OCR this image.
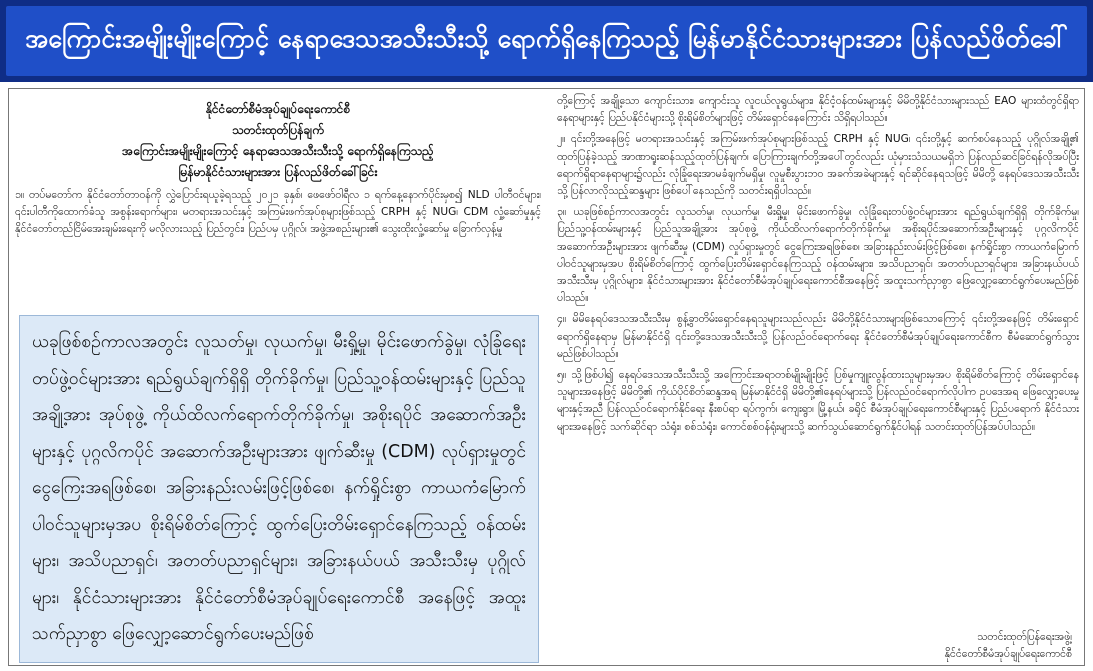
အကြောင်းအမျိုးမျိုးကြောင့် နေရာဒေသအသီးသီးသို့ ရောက်ရှိနေကြသည့် မြန်မာနိုင်ငံသားများအား ပြန်လည်ဖိတ်ခေါ်
နိုင်ငံတော်စီမံအုပ်ချုပ်ရေးကောင်စီ
သတင်းထုတ်ပြန်ချက်
အကြောင်းအမျိုးမျိုးကြောင့် နေရာဒေသအသီးသီးသို့ ရောက်ရှိနေကြသည့်
မြန်မာနိုင်ငံသားများအား ပြန်လည်ဖိတ်ခေါ်ခြင်း

၁။ တပ်မတော်က နိုင်ငံတော်တာဝန်ကို လွှဲပြောင်းရယူခဲ့ရသည့် ၂၀၂၁ ခုနှစ်၊ ဖေဖော်ဝါရီလ ၁ ရက်နေ့နောက်ပိုင်းမှစ၍ NLD ပါတီဝင်များ၊ ၎င်းပါတီကိုထောက်ခံသူ အစွန်းရောက်များ၊ မတရားအသင်းနှင့် အကြမ်းဖက်အုပ်စုများဖြစ်သည့် CRPH နှင့် NUG၊ CDM လှုံ့ဆော်မှုနှင့် နိုင်ငံတော်တည်ငြိမ်အေးချမ်းရေးကို မလိုလားသည့် ပြည်တွင်း၊ ပြည်ပမှ ပုဂ္ဂိုလ်၊ အဖွဲ့အစည်းများ၏ သွေးထိုးလှုံ့ဆော်မှု ခြောက်လှန့်မှု

ယခုဖြစ်စဉ်ကာလအတွင်း လူသတ်မှု၊ လုယက်မှု၊ မီးရှို့မှု၊ မိုင်းဖောက်ခွဲမှု၊ လုံခြုံရေးတပ်ဖွဲ့ဝင်များအား ရည်ရွယ်ချက်ရှိရှိ တိုက်ခိုက်မှု၊ ပြည်သူ့ဝန်ထမ်းများနှင့် ပြည်သူအချို့အား အုပ်စုဖွဲ့ ကိုယ်ထိလက်ရောက်တိုက်ခိုက်မှု၊ အစိုးရပိုင် အဆောက်အဦးများနှင့် ပုဂ္ဂလိကပိုင် အဆောက်အဦးများအား ဖျက်ဆီးမှု (CDM) လုပ်ရှားမှုတွင် ငွေကြေးအရဖြစ်စေ၊ အခြားနည်းလမ်းဖြင့်ဖြစ်စေ၊ နက်ရှိုင်းစွာ ကာယကံမြောက် ပါဝင်သူများမှအပ စိုးရိမ်စိတ်ကြောင့် ထွက်ပြေးတိမ်းရှောင်နေကြသည့် ဝန်ထမ်းများ၊ အသိပညာရှင်၊ အတတ်ပညာရှင်များ၊ အခြားနယ်ပယ် အသီးသီးမှ ပုဂ္ဂိုလ်များ၊ နိုင်ငံသားများအား နိုင်ငံတော်စီမံအုပ်ချုပ်ရေးကောင်စီ အနေဖြင့် အထူးသက်ညှာစွာ ဖြေလျှော့ဆောင်ရွက်ပေးမည်ဖြစ်

တို့ကြောင့် အချို့သော ကျောင်းသား၊ ကျောင်းသူ လူငယ်လူရွယ်များ၊ နိုင်ငံ့ဝန်ထမ်းများနှင့် မိမိတို့နိုင်ငံသားများသည် EAO များထံတွင်ရှိရာနေရာများနှင့် ပြည်ပနိုင်ငံများသို့ စိုးရိမ်စိတ်များဖြင့် တိမ်းရှောင်နေကြောင်း သိရှိရပါသည်။

၂။ ၎င်းတို့အနေဖြင့် မတရားအသင်းနှင့် အကြမ်းဖက်အုပ်စုများဖြစ်သည့် CRPH နှင့် NUG၊ ၎င်းတို့နှင့် ဆက်စပ်နေသည့် ပုဂ္ဂိုလ်အချို့၏ ထုတ်ပြန်ခဲ့သည့် အာဏာရူးဆန်သည့်ထုတ်ပြန်ချက်၊ ပြောကြားချက်တို့အပေါ်တွင်လည်း ယုံမှားသံသယမရှိဘဲ ပြန်လည်ဆင်ခြင်ရန်လိုအပ်ပြီး ရောက်ရှိရာနေရာများ၌လည်း လုံခြုံရေးအာမခံချက်မရှိမှု၊ လူမှုစီးပွားဘဝ အခက်အခဲများနှင့် ရင်ဆိုင်နေရသဖြင့် မိမိတို့ နေရပ်ဒေသအသီးသီးသို့ ပြန်လာလိုသည့်ဆန္ဒများ ဖြစ်ပေါ်နေသည်ကို သတင်းရရှိပါသည်။

၃။ ယခုဖြစ်စဉ်ကာလအတွင်း လူသတ်မှု၊ လုယက်မှု၊ မီးရှို့မှု၊ မိုင်းဖောက်ခွဲမှု၊ လုံခြုံရေးတပ်ဖွဲ့ဝင်များအား ရည်ရွယ်ချက်ရှိရှိ တိုက်ခိုက်မှု၊ ပြည်သူ့ဝန်ထမ်းများနှင့် ပြည်သူအချို့အား အုပ်စုဖွဲ့ ကိုယ်ထိလက်ရောက်တိုက်ခိုက်မှု၊ အစိုးရပိုင်အဆောက်အဦးများနှင့် ပုဂ္ဂလိကပိုင် အဆောက်အဦးများအား ဖျက်ဆီးမှု (CDM) လှုပ်ရှားမှုတွင် ငွေကြေးအရဖြစ်စေ၊ အခြားနည်းလမ်းဖြင့်ဖြစ်စေ၊ နက်ရှိုင်းစွာ ကာယကံမြောက် ပါဝင်သူများမှအပ စိုးရိမ်စိတ်ကြောင့် ထွက်ပြေးတိမ်းရှောင်နေကြသည့် ဝန်ထမ်းများ၊ အသိပညာရှင်၊ အတတ်ပညာရှင်များ၊ အခြားနယ်ပယ်အသီးသီးမှ ပုဂ္ဂိုလ်များ၊ နိုင်ငံသားများအား နိုင်ငံတော်စီမံအုပ်ချုပ်ရေးကောင်စီအနေဖြင့် အထူးသက်ညှာစွာ ဖြေလျှော့ဆောင်ရွက်ပေးမည်ဖြစ်ပါသည်။

၄။ မိမိနေရပ်ဒေသအသီးသီးမှ စွန့်ခွာတိမ်းရှောင်နေရသူများသည်လည်း မိမိတို့နိုင်ငံသားများဖြစ်သောကြောင့် ၎င်းတို့အနေဖြင့် တိမ်းရှောင်ရောက်ရှိနေရာမှ မြန်မာနိုင်ငံရှိ ၎င်းတို့ဒေသအသီးသီးသို့ ပြန်လည်ဝင်ရောက်ရေး နိုင်ငံတော်စီမံအုပ်ချုပ်ရေးကောင်စီက စီမံဆောင်ရွက်သွားမည်ဖြစ်ပါသည်။

၅။ သို့ဖြစ်ပါ၍ နေရပ်ဒေသအသီးသီးသို့ အကြောင်းအရာတစ်မျိုးမျိုးဖြင့် ပြစ်မှုကျူးလွန်ထားသူများမှအပ စိုးရိမ်စိတ်ကြောင့် တိမ်းရှောင်နေသူများအနေဖြင့် မိမိတို့၏ ကိုယ်ပိုင်စိတ်ဆန္ဒအရ မြန်မာနိုင်ငံရှိ မိမိတို့၏နေရပ်များသို့ ပြန်လည်ဝင်ရောက်လိုပါက ဥပဒေအရ ဖြေလျှော့ပေးမှုများနှင့်အညီ ပြန်လည်ဝင်ရောက်နိုင်ရေး နီးစပ်ရာ ရပ်ကွက်၊ ကျေးရွာ၊ မြို့နယ်၊ ခရိုင် စီမံအုပ်ချုပ်ရေးကောင်စီများနှင့် ပြည်ပရောက် နိုင်ငံသားများအနေဖြင့် သက်ဆိုင်ရာ သံရုံး၊ စစ်သံရုံး၊ ကောင်စစ်ဝန်ရုံးများသို့ ဆက်သွယ်ဆောင်ရွက်နိုင်ပါရန် သတင်းထုတ်ပြန်အပ်ပါသည်။

သတင်းထုတ်ပြန်ရေးအဖွဲ့၊
နိုင်ငံတော်စီမံအုပ်ချုပ်ရေးကောင်စီ
